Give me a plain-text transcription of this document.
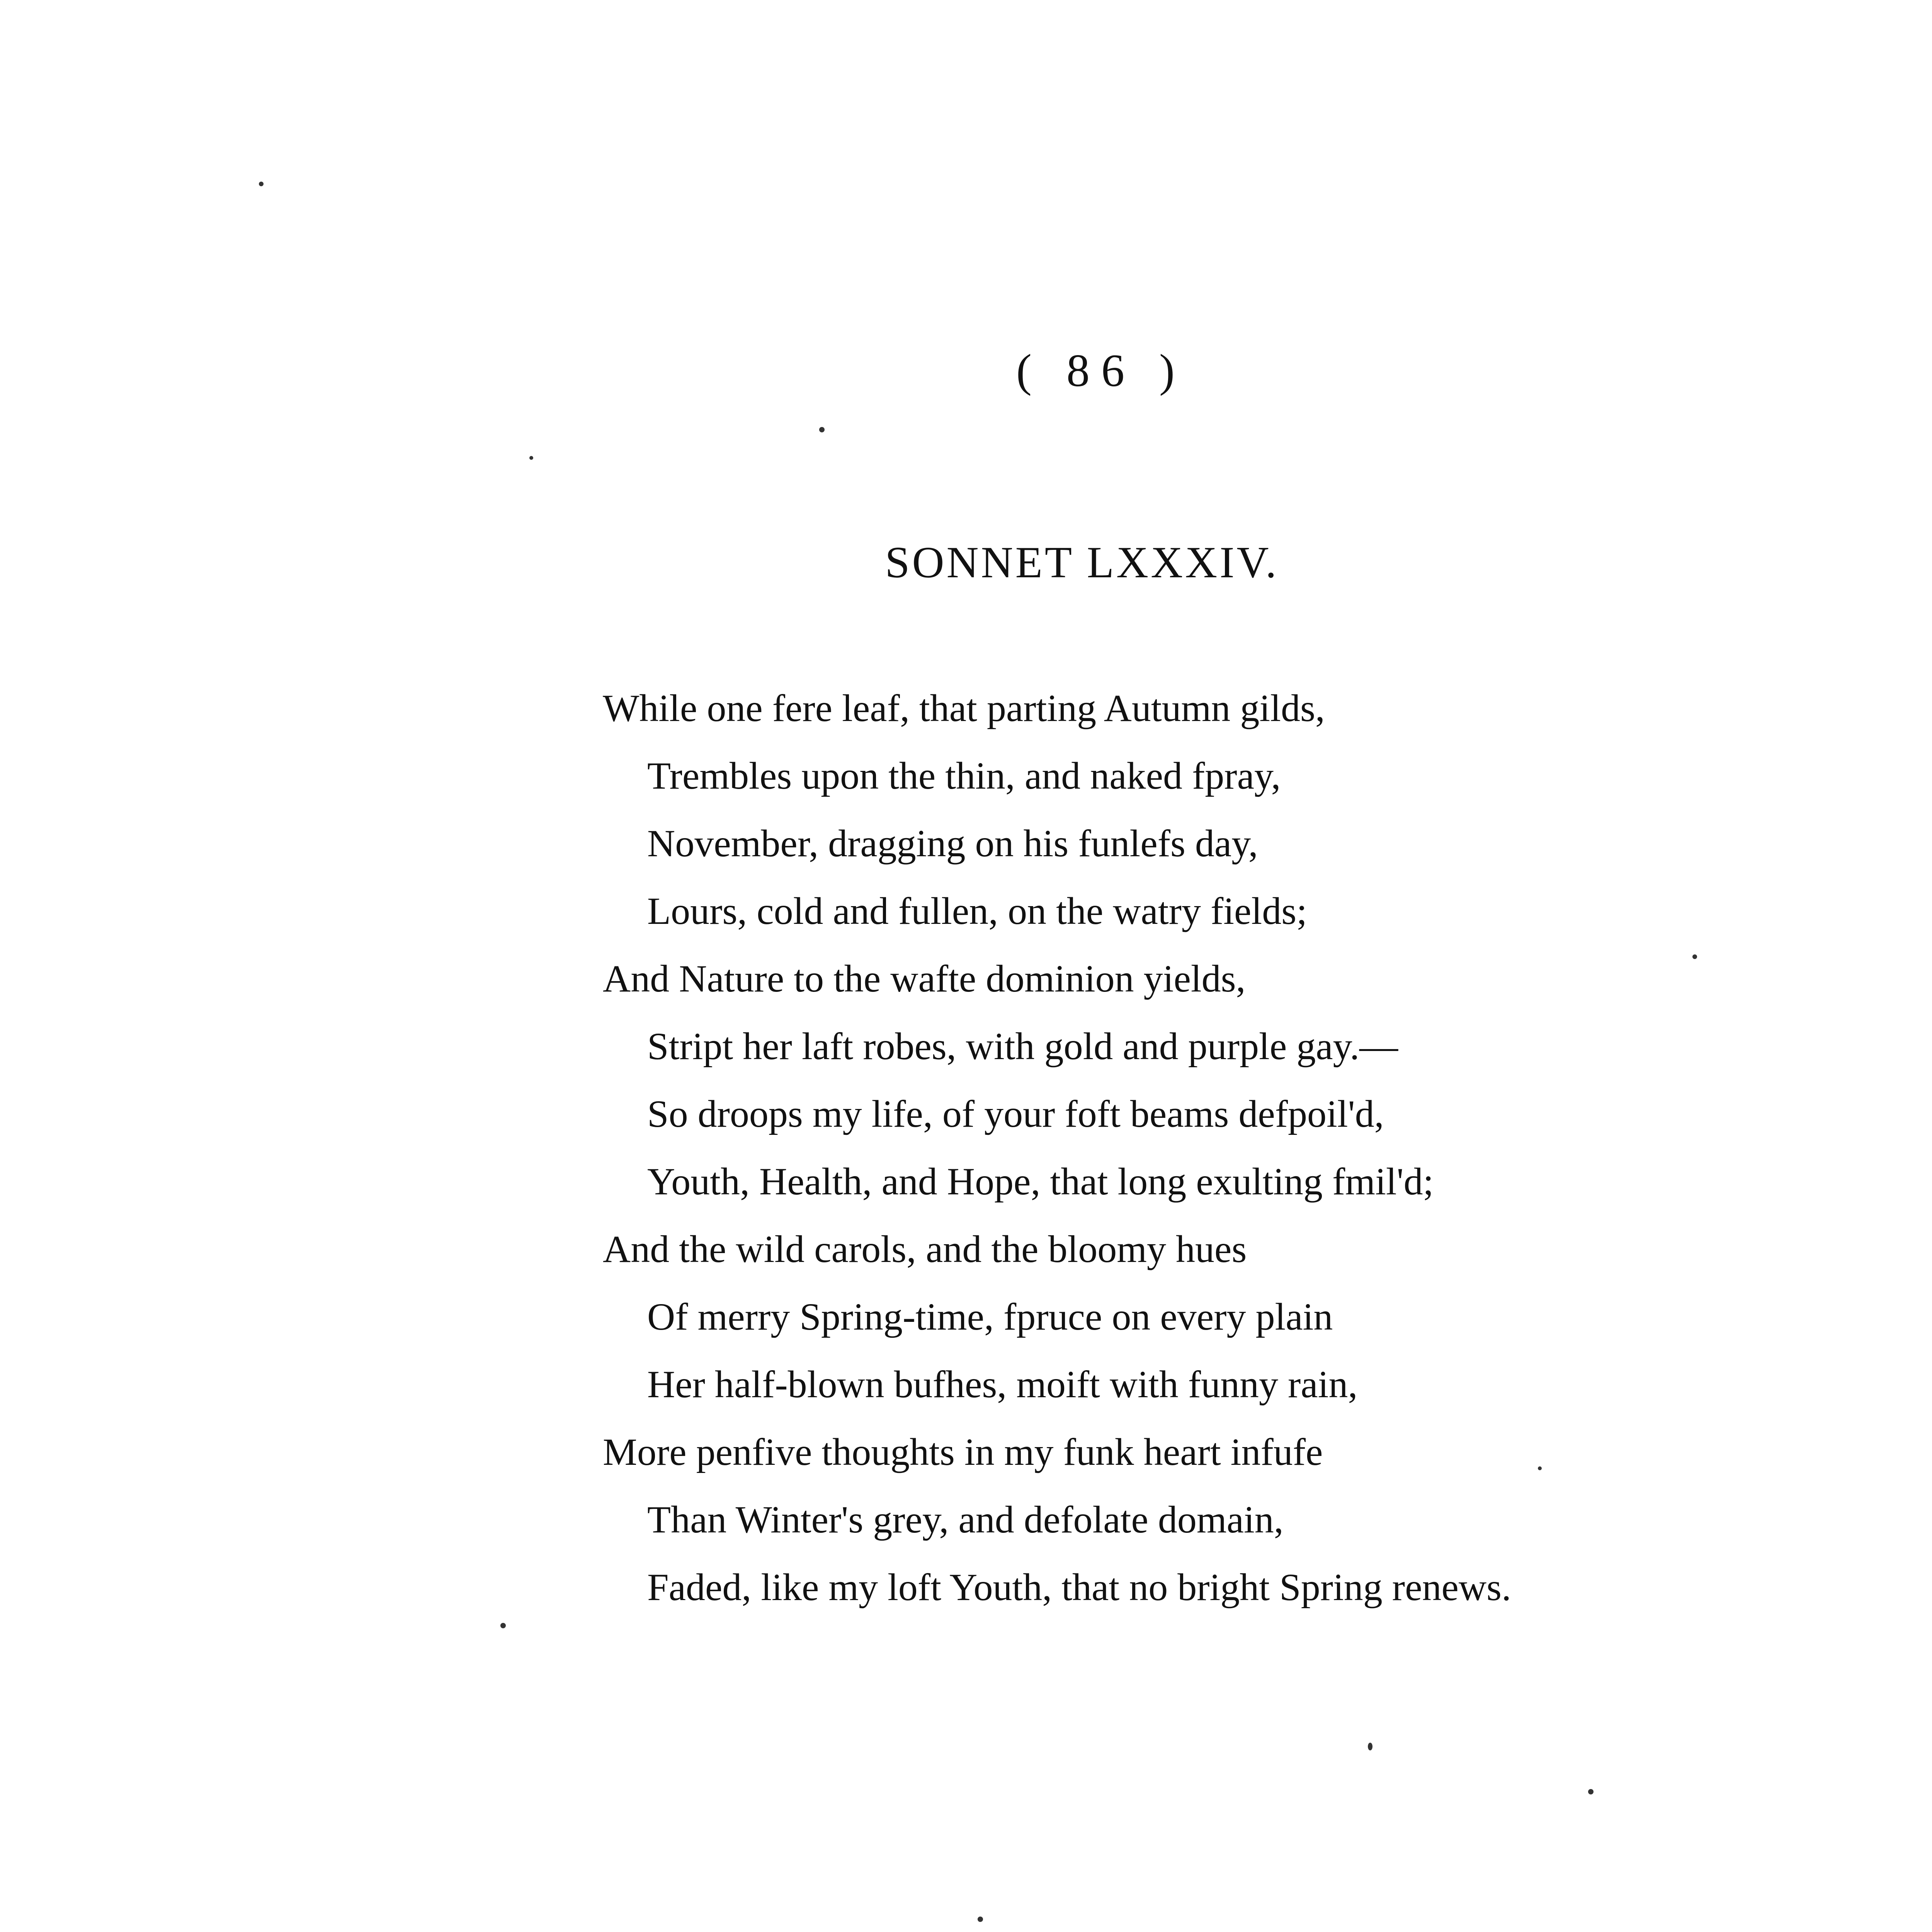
( 86 )
SONNET LXXXIV.
While one fere leaf, that parting Autumn gilds,
Trembles upon the thin, and naked fpray,
November, dragging on his funlefs day,
Lours, cold and fullen, on the watry fields;
And Nature to the wafte dominion yields,
Stript her laft robes, with gold and purple gay.—
So droops my life, of your foft beams defpoil'd,
Youth, Health, and Hope, that long exulting fmil'd;
And the wild carols, and the bloomy hues
Of merry Spring-time, fpruce on every plain
Her half-blown bufhes, moift with funny rain,
More penfive thoughts in my funk heart infufe
Than Winter's grey, and defolate domain,
Faded, like my loft Youth, that no bright Spring renews.
